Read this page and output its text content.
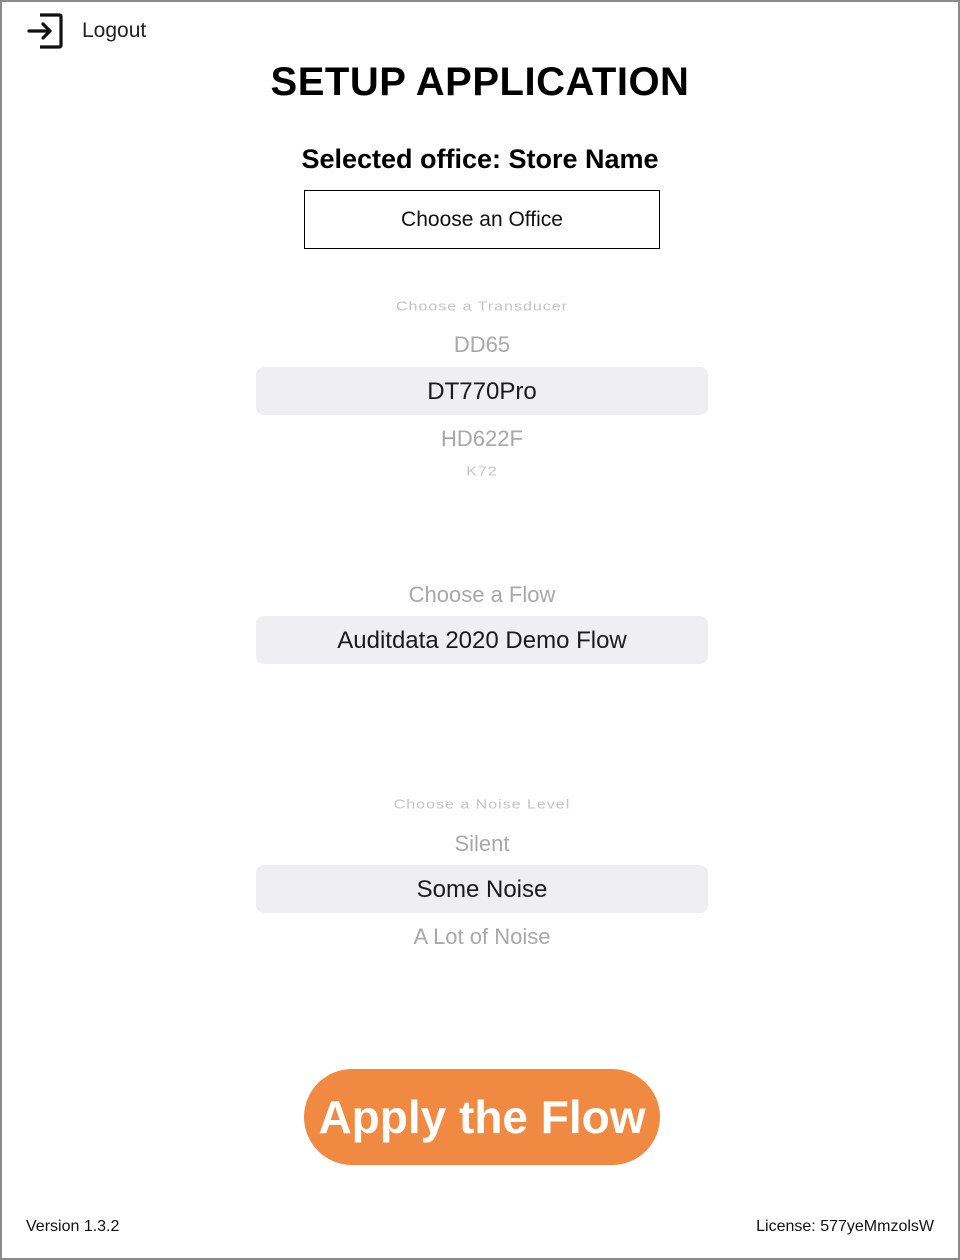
Logout
SETUP APPLICATION
Selected office: Store Name
Choose an Office
Choose a Transducer
DD65
DT770Pro
HD622F
K72
Choose a Flow
Auditdata 2020 Demo Flow
Choose a Noise Level
Silent
Some Noise
A Lot of Noise
Apply the Flow
Version 1.3.2	License: 577yeMmzolsW
